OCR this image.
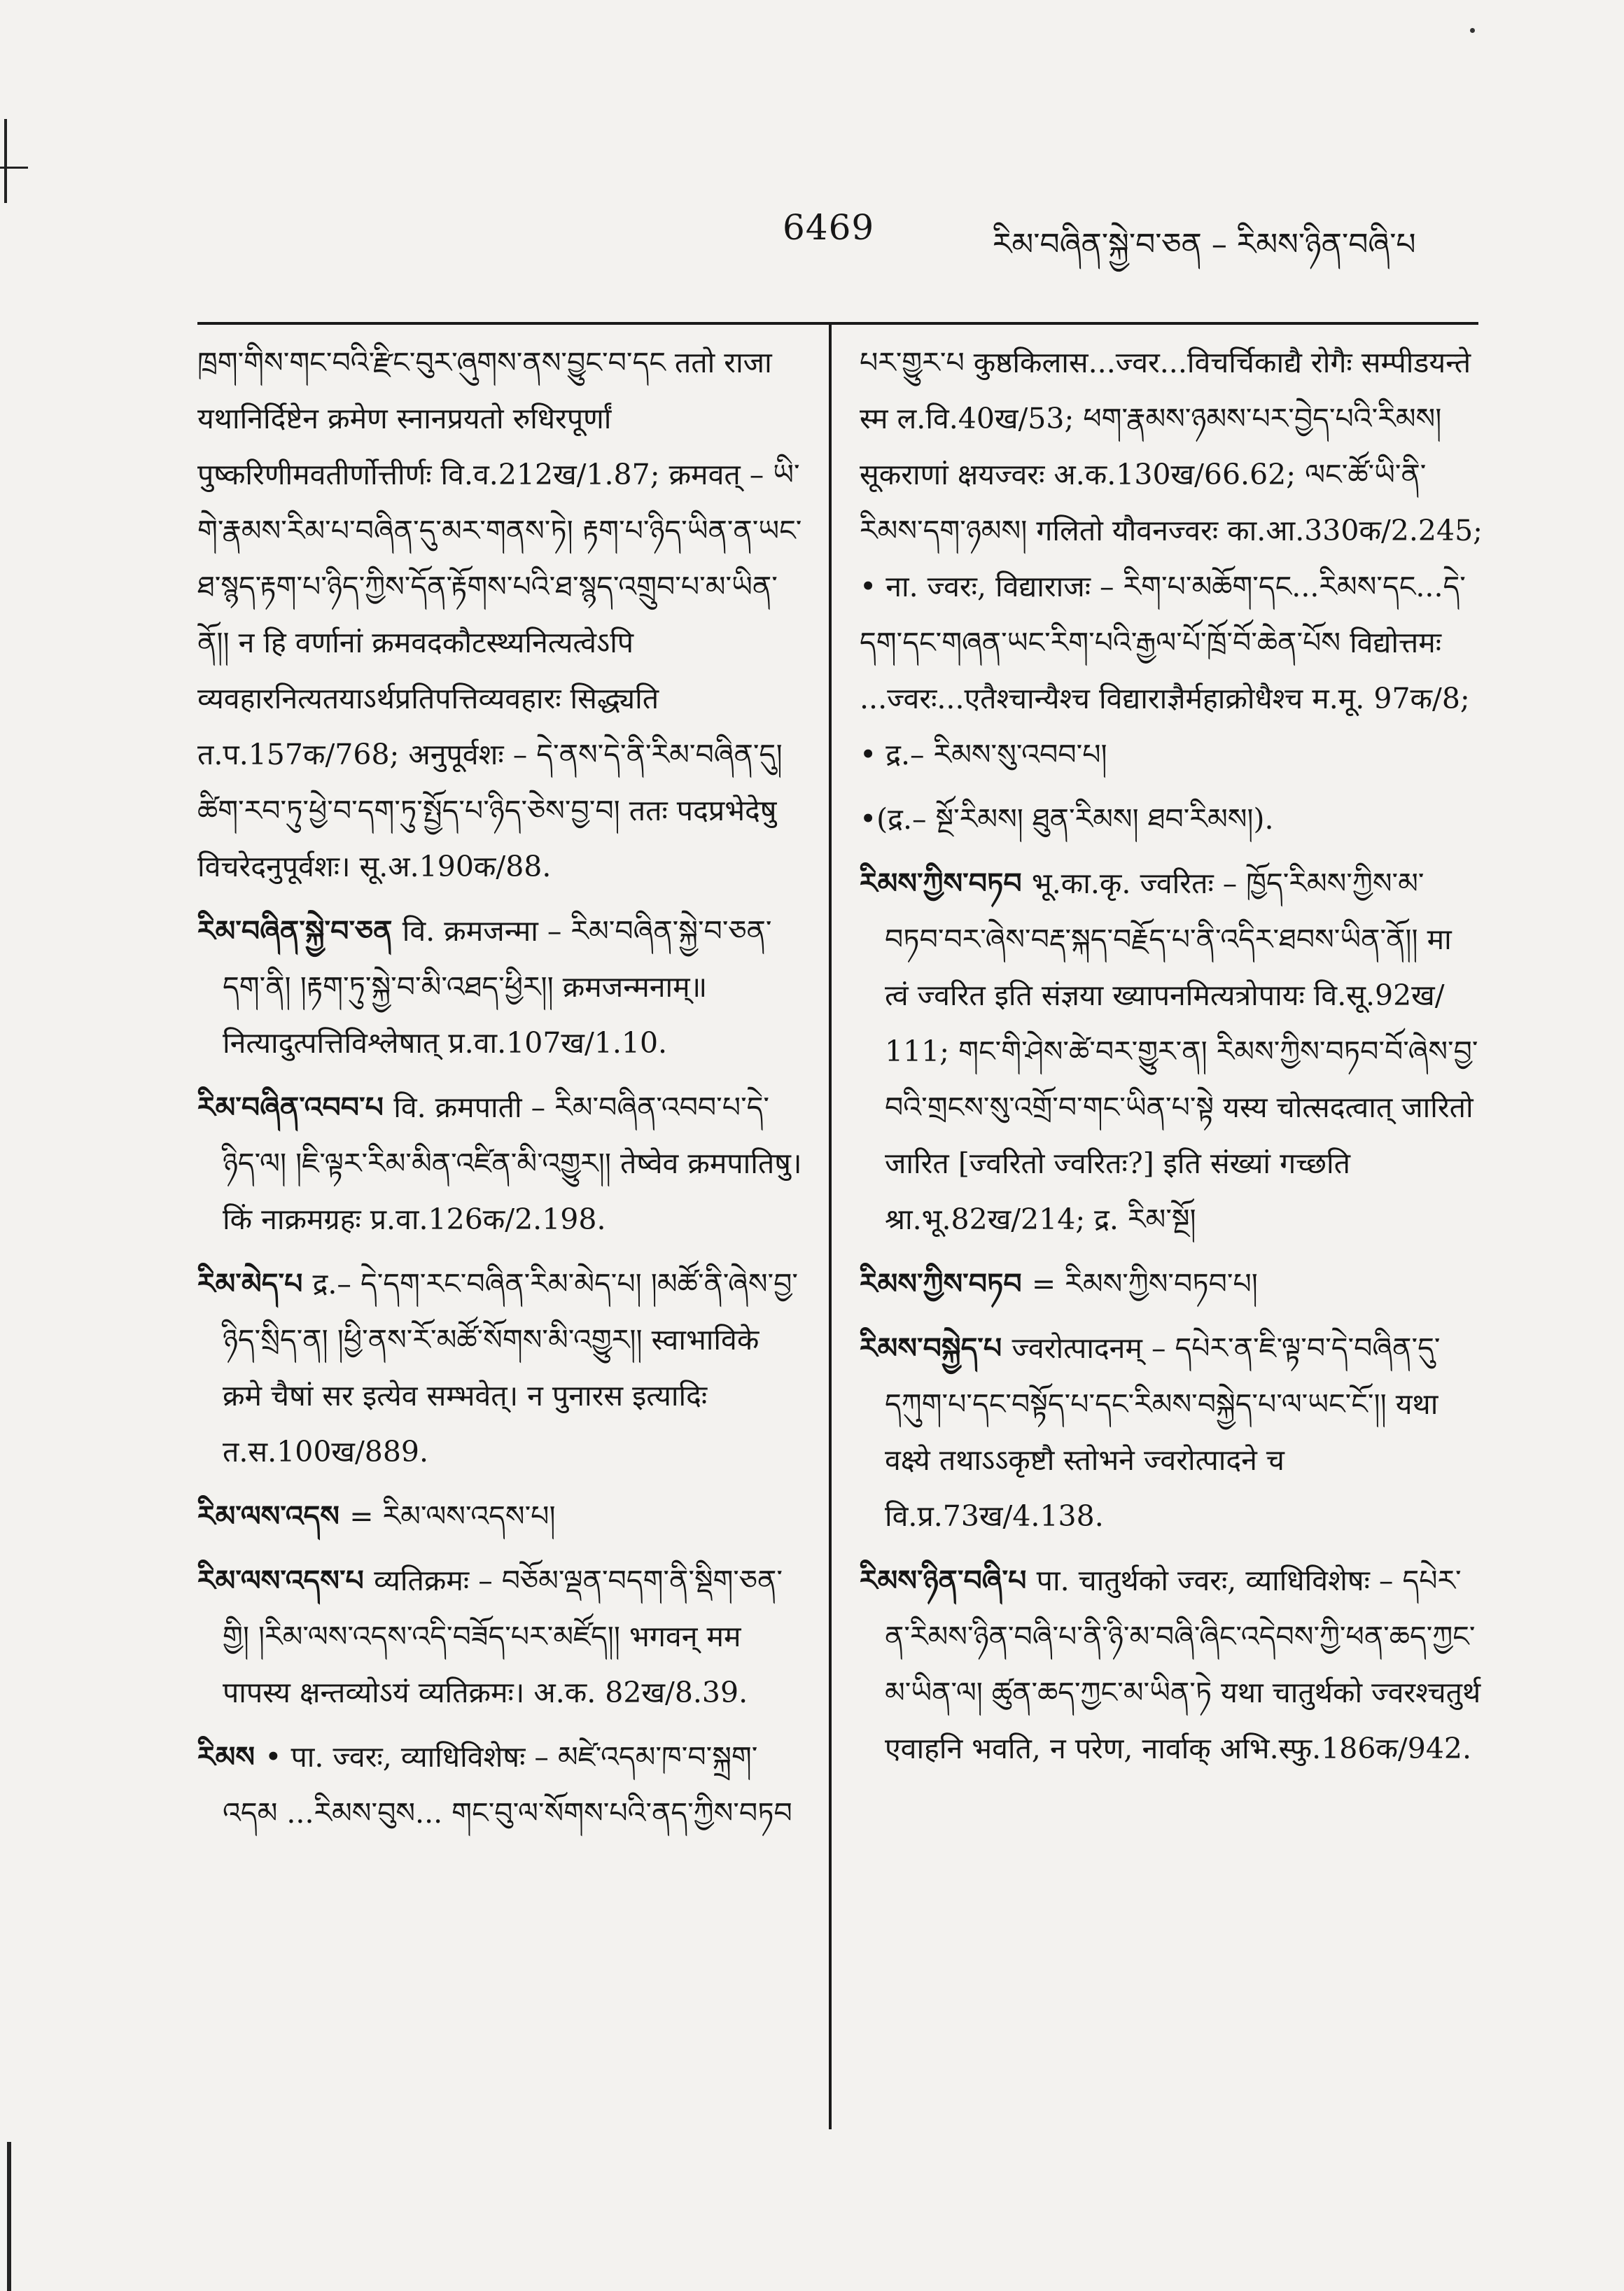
6469	རིམ་བཞིན་སྐྱེ་བ་ཅན – རིམས་ཉིན་བཞི་པ
ཁྲག་གིས་གང་བའི་རྫིང་བུར་ཞུགས་ནས་བྱུང་བ་དང ततो राजा यथानिर्दिष्टेन क्रमेण स्नानप्रयतो रुधिरपूर्णां पुष्करिणीमवतीर्णोत्तीर्णः वि.व.212ख/1.87; क्रमवत् – ཡི་གེ་རྣམས་རིམ་པ་བཞིན་དུ་མར་གནས་ཏེ། རྟག་པ་ཉིད་ཡིན་ན་ཡང་ཐ་སྙད་རྟག་པ་ཉིད་ཀྱིས་དོན་རྟོགས་པའི་ཐ་སྙད་འགྲུབ་པ་མ་ཡིན་ནོ།། न हि वर्णानां क्रमवदकौटस्थ्यनित्यत्वेऽपि व्यवहारनित्यतयाऽर्थप्रतिपत्तिव्यवहारः सिद्ध्यति त.प.157क/768; अनुपूर्वशः – དེ་ནས་དེ་ནི་རིམ་བཞིན་དུ། ཚིག་རབ་ཏུ་ཕྱེ་བ་དག་ཏུ་སྤྱོད་པ་ཉིད་ཅེས་བྱ་བ། ततः पदप्रभेदेषु विचरेदनुपूर्वशः। सू.अ.190क/88.
རིམ་བཞིན་སྐྱེ་བ་ཅན वि. क्रमजन्मा – རིམ་བཞིན་སྐྱེ་བ་ཅན་དག་ནི། །རྟག་ཏུ་སྐྱེ་བ་མི་འཐད་ཕྱིར།། क्रमजन्मनाम्॥ नित्यादुत्पत्तिविश्लेषात् प्र.वा.107ख/1.10.
རིམ་བཞིན་འབབ་པ वि. क्रमपाती – རིམ་བཞིན་འབབ་པ་དེ་ཉིད་ལ། །ཇི་ལྟར་རིམ་མིན་འཛིན་མི་འགྱུར།། तेष्वेव क्रमपातिषु। किं नाक्रमग्रहः प्र.वा.126क/2.198.
རིམ་མེད་པ द्र.– དེ་དག་རང་བཞིན་རིམ་མེད་པ། །མཚོ་ནི་ཞེས་བྱ་ཉིད་སྲིད་ན། །ཕྱི་ནས་རོ་མཚོ་སོགས་མི་འགྱུར།། स्वाभाविके क्रमे चैषां सर इत्येव सम्भवेत्। न पुनारस इत्यादिः त.स.100ख/889.
རིམ་ལས་འདས = རིམ་ལས་འདས་པ།
རིམ་ལས་འདས་པ व्यतिक्रमः – བཅོམ་ལྡན་བདག་ནི་སྡིག་ཅན་གྱི། །རིམ་ལས་འདས་འདི་བཟོད་པར་མཛོད།། भगवन् मम पापस्य क्षन्तव्योऽयं व्यतिक्रमः। अ.क. 82ख/8.39.
རིམས • पा. ज्वरः, व्याधिविशेषः – མཛེ་འདམ་ཁ་བ་སྐྲག་འདམ ...རིམས་བུས... གང་བུ་ལ་སོགས་པའི་ནད་ཀྱིས་བཏབ
པར་གྱུར་པ कुष्ठकिलास...ज्वर...विचर्चिकाद्यै रोगैः सम्पीडयन्ते स्म ल.वि.40ख/53; ཕག་རྣམས་ཉམས་པར་བྱེད་པའི་རིམས། सूकराणां क्षयज्वरः अ.क.130ख/66.62; ལང་ཚོ་ཡི་ནི་རིམས་དག་ཉམས། गलितो यौवनज्वरः का.आ.330क/2.245; • ना. ज्वरः, विद्याराजः – རིག་པ་མཆོག་དང...རིམས་དང...དེ་དག་དང་གཞན་ཡང་རིག་པའི་རྒྱལ་པོ་ཁྲོ་བོ་ཆེན་པོས विद्योत्तमः ...ज्वरः...एतैश्चान्यैश्च विद्याराज्ञैर्महाक्रोधैश्च म.मू. 97क/8; • द्र.– རིམས་སུ་འབབ་པ།
•(द्र.– སྔོ་རིམས། ཐུན་རིམས། ཐབ་རིམས།).
རིམས་ཀྱིས་བཏབ भू.का.कृ. ज्वरितः – ཁྱོད་རིམས་ཀྱིས་མ་བཏབ་བར་ཞེས་བརྡ་སྐད་བརྗོད་པ་ནི་འདིར་ཐབས་ཡིན་ནོ།། मा त्वं ज्वरित इति संज्ञया ख्यापनमित्यत्रोपायः वि.सू.92ख/ 111; གང་གི་ཤེས་ཚེ་བར་གྱུར་ན། རིམས་ཀྱིས་བཏབ་བོ་ཞེས་བྱ་བའི་གྲངས་སུ་འགྲོ་བ་གང་ཡིན་པ་སྟེ यस्य चोत्सदत्वात् जारितो जारित [ज्वरितो ज्वरितः?] इति संख्यां गच्छति श्रा.भू.82ख/214; द्र. རིམ་སྔོ།
རིམས་ཀྱིས་བཏབ = རིམས་ཀྱིས་བཏབ་པ།
རིམས་བསྐྱེད་པ ज्वरोत्पादनम् – དཔེར་ན་ཇི་ལྟ་བ་དེ་བཞིན་དུ་དཀུག་པ་དང་བསྟོད་པ་དང་རིམས་བསྐྱེད་པ་ལ་ཡང་ངོ་།། यथा वक्ष्ये तथाऽऽकृष्टौ स्तोभने ज्वरोत्पादने च वि.प्र.73ख/4.138.
རིམས་ཉིན་བཞི་པ पा. चातुर्थको ज्वरः, व्याधिविशेषः – དཔེར་ན་རིམས་ཉིན་བཞི་པ་ནི་ཉི་མ་བཞི་ཞིང་འདེབས་ཀྱི་ཕན་ཆད་ཀྱང་མ་ཡིན་ལ། ཚུན་ཆད་ཀྱང་མ་ཡིན་ཏེ यथा चातुर्थको ज्वरश्चतुर्थ एवाहनि भवति, न परेण, नार्वाक् अभि.स्फु.186क/942.
